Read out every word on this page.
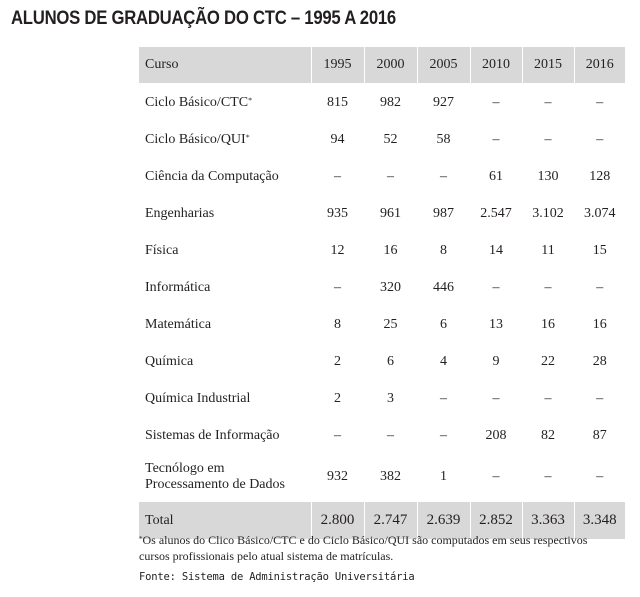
ALUNOS DE GRADUAÇÃO DO CTC – 1995 A 2016
Curso	1995	2000	2005	2010	2015	2016
Ciclo Básico/CTC*	815	982	927	–	–	–
Ciclo Básico/QUI*	94	52	58	–	–	–
Ciência da Computação	–	–	–	61	130	128
Engenharias	935	961	987	2.547	3.102	3.074
Física	12	16	8	14	11	15
Informática	–	320	446	–	–	–
Matemática	8	25	6	13	16	16
Química	2	6	4	9	22	28
Química Industrial	2	3	–	–	–	–
Sistemas de Informação	–	–	–	208	82	87
Tecnólogo em
Processamento de Dados	932	382	1	–	–	–
Total	2.800	2.747	2.639	2.852	3.363	3.348
*Os alunos do Clico Básico/CTC e do Ciclo Básico/QUI são computados em seus respectivos cursos profissionais pelo atual sistema de matrículas.
Fonte: Sistema de Administração Universitária
